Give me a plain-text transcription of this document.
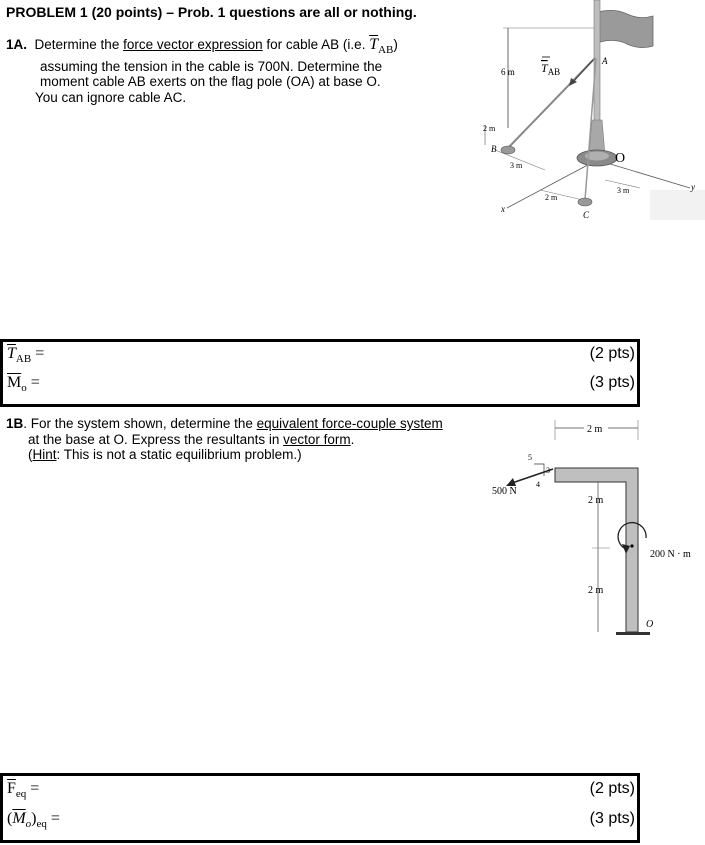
PROBLEM 1 (20 points) – Prob. 1 questions are all or nothing.
1A. Determine the force vector expression for cable AB (i.e. $\overline{T}_{AB}$)
assuming the tension in the cable is 700N. Determine the
moment cable AB exerts on the flag pole (OA) at base O.
You can ignore cable AC.
6 m
x
y
2 m
3 m
2 m
3 m
$T_{AB}$
A
B
C
O
$\overline{T}_{AB}$ =	(2 pts)
$\overline{M}_o$ =	(3 pts)
1B. For the system shown, determine the equivalent force-couple system
at the base at O. Express the resultants in vector form.
(Hint: This is not a static equilibrium problem.)
2 m
2 m
2 m
500 N
5
3
4
200 N · m
O
$\overline{F}_{eq}$ =	(2 pts)
$(\overline{M}_o)_{eq}$ =	(3 pts)
